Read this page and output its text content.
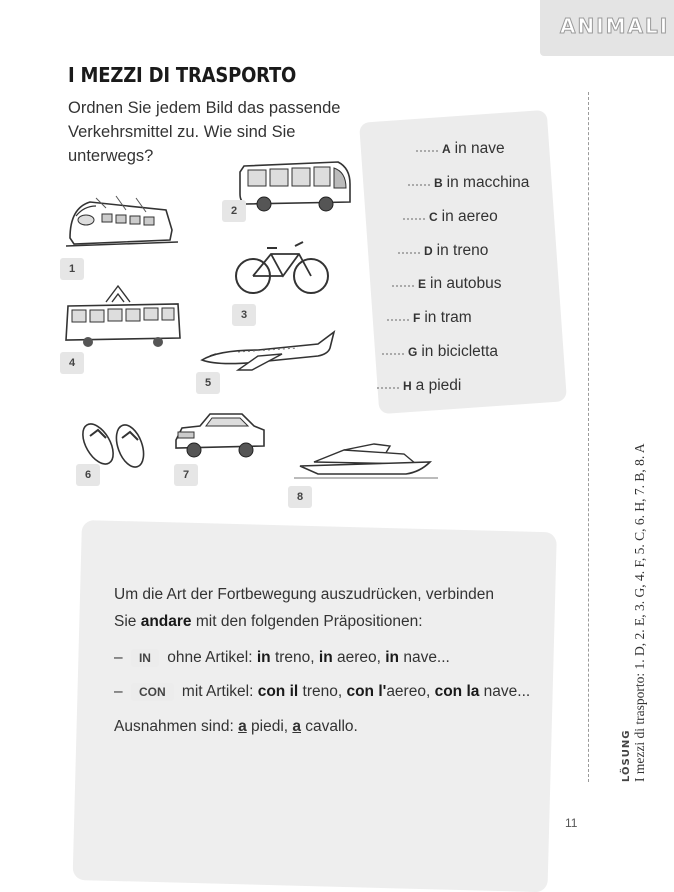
ANIMALI
I MEZZI DI TRASPORTO
Ordnen Sie jedem Bild das passende Verkehrsmittel zu. Wie sind Sie unterwegs?	A in nave
B in macchina
C in aereo
D in treno
E in autobus
F in tram
G in bicicletta
H a piedi
1
2
3
4
5
6	7
8
Um die Art der Fortbewegung auszudrücken, verbinden
Sie andare mit den folgenden Präpositionen:
– IN ohne Artikel: in treno, in aereo, in nave...
– CON mit Artikel: con il treno, con l'aereo, con la nave...
Ausnahmen sind: a piedi, a cavallo.
LÖSUNG I mezzi di trasporto: 1. D, 2. E, 3. G, 4. F, 5. C, 6. H, 7. B, 8. A
11
